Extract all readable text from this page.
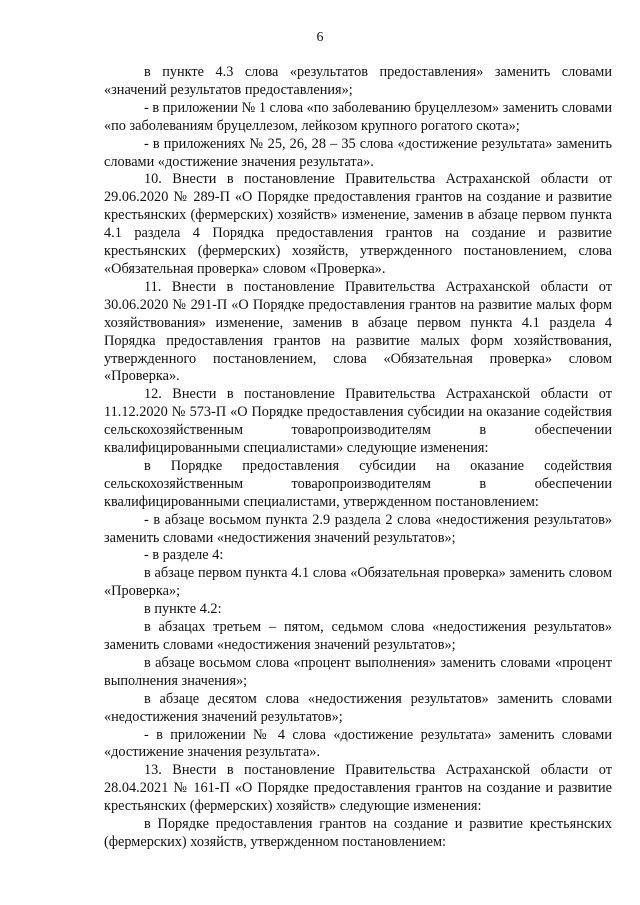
6

в пункте 4.3 слова «результатов предоставления» заменить словами «значений результатов предоставления»;

- в приложении № 1 слова «по заболеванию бруцеллезом» заменить словами «по заболеваниям бруцеллезом, лейкозом крупного рогатого скота»;

- в приложениях № 25, 26, 28 – 35 слова «достижение результата» заменить словами «достижение значения результата».

10. Внести в постановление Правительства Астраханской области от 29.06.2020 № 289-П «О Порядке предоставления грантов на создание и развитие крестьянских (фермерских) хозяйств» изменение, заменив в абзаце первом пункта 4.1 раздела 4 Порядка предоставления грантов на создание и развитие крестьянских (фермерских) хозяйств, утвержденного постановлением, слова «Обязательная проверка» словом «Проверка».

11. Внести в постановление Правительства Астраханской области от 30.06.2020 № 291-П «О Порядке предоставления грантов на развитие малых форм хозяйствования» изменение, заменив в абзаце первом пункта 4.1 раздела 4 Порядка предоставления грантов на развитие малых форм хозяйствования, утвержденного постановлением, слова «Обязательная проверка» словом «Проверка».

12. Внести в постановление Правительства Астраханской области от 11.12.2020 № 573-П «О Порядке предоставления субсидии на оказание содействия сельскохозяйственным товаропроизводителям в обеспечении квалифицированными специалистами» следующие изменения:

в Порядке предоставления субсидии на оказание содействия сельскохозяйственным товаропроизводителям в обеспечении квалифицированными специалистами, утвержденном постановлением:

- в абзаце восьмом пункта 2.9 раздела 2 слова «недостижения результатов» заменить словами «недостижения значений результатов»;

- в разделе 4:

в абзаце первом пункта 4.1 слова «Обязательная проверка» заменить словом «Проверка»;

в пункте 4.2:

в абзацах третьем – пятом, седьмом слова «недостижения результатов» заменить словами «недостижения значений результатов»;

в абзаце восьмом слова «процент выполнения» заменить словами «процент выполнения значения»;

в абзаце десятом слова «недостижения результатов» заменить словами «недостижения значений результатов»;

- в приложении № 4 слова «достижение результата» заменить словами «достижение значения результата».

13. Внести в постановление Правительства Астраханской области от 28.04.2021 № 161-П «О Порядке предоставления грантов на создание и развитие крестьянских (фермерских) хозяйств» следующие изменения:

в Порядке предоставления грантов на создание и развитие крестьянских (фермерских) хозяйств, утвержденном постановлением:
